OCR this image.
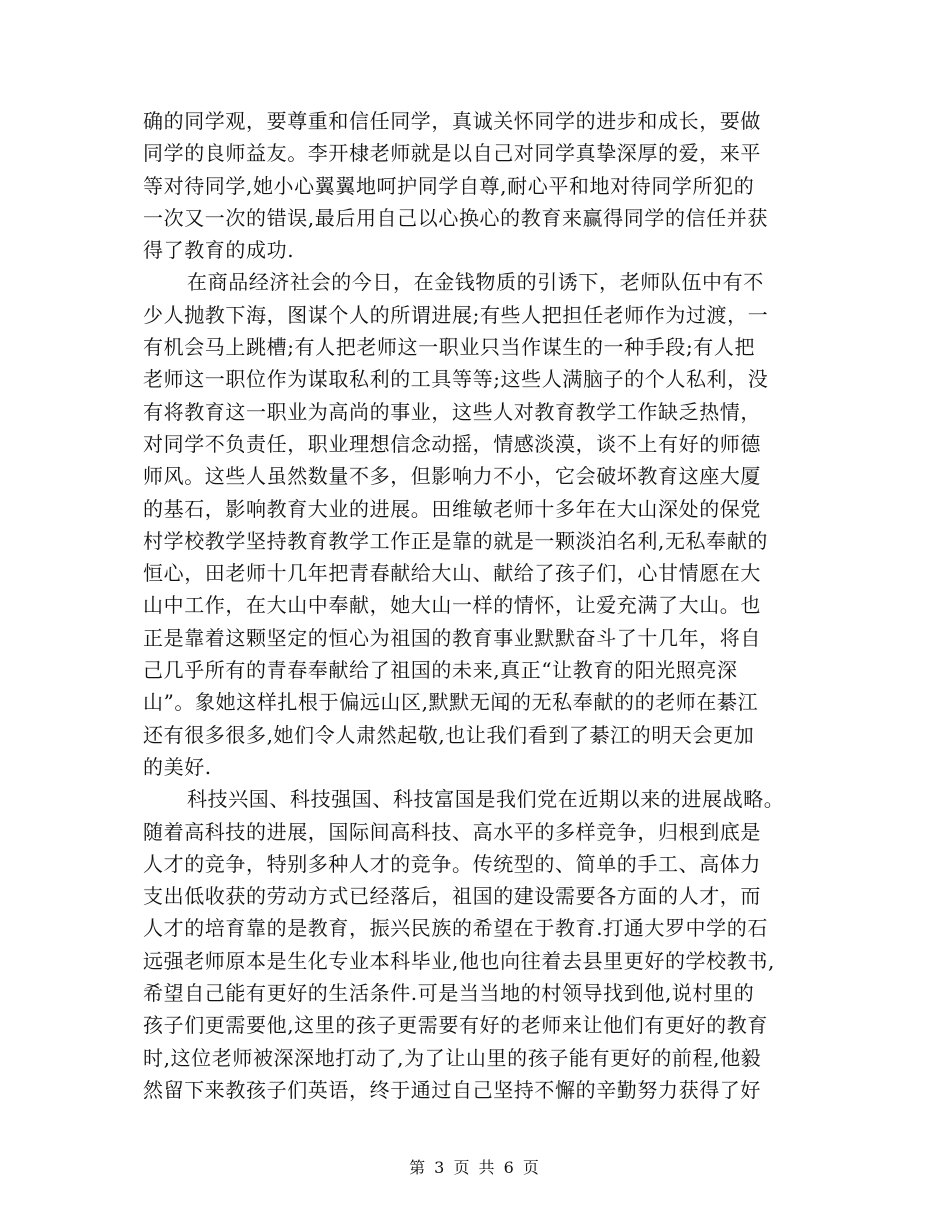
确的同学观，要尊重和信任同学，真诚关怀同学的进步和成长，要做
同学的良师益友。李开棣老师就是以自己对同学真挚深厚的爱，来平
等对待同学,她小心翼翼地呵护同学自尊,耐心平和地对待同学所犯的
一次又一次的错误,最后用自己以心换心的教育来赢得同学的信任并获
得了教育的成功.
在商品经济社会的今日，在金钱物质的引诱下，老师队伍中有不
少人抛教下海，图谋个人的所谓进展;有些人把担任老师作为过渡，一
有机会马上跳槽;有人把老师这一职业只当作谋生的一种手段;有人把
老师这一职位作为谋取私利的工具等等;这些人满脑子的个人私利，没
有将教育这一职业为高尚的事业，这些人对教育教学工作缺乏热情，
对同学不负责任，职业理想信念动摇，情感淡漠，谈不上有好的师德
师风。这些人虽然数量不多，但影响力不小，它会破坏教育这座大厦
的基石，影响教育大业的进展。田维敏老师十多年在大山深处的保党
村学校教学坚持教育教学工作正是靠的就是一颗淡泊名利,无私奉献的
恒心，田老师十几年把青春献给大山、献给了孩子们，心甘情愿在大
山中工作，在大山中奉献，她大山一样的情怀，让爱充满了大山。也
正是靠着这颗坚定的恒心为祖国的教育事业默默奋斗了十几年，将自
己几乎所有的青春奉献给了祖国的未来,真正“让教育的阳光照亮深
山”。象她这样扎根于偏远山区,默默无闻的无私奉献的的老师在綦江
还有很多很多,她们令人肃然起敬,也让我们看到了綦江的明天会更加
的美好.
科技兴国、科技强国、科技富国是我们党在近期以来的进展战略。
随着高科技的进展，国际间高科技、高水平的多样竞争，归根到底是
人才的竞争，特别多种人才的竞争。传统型的、简单的手工、高体力
支出低收获的劳动方式已经落后，祖国的建设需要各方面的人才，而
人才的培育靠的是教育，振兴民族的希望在于教育.打通大罗中学的石
远强老师原本是生化专业本科毕业,他也向往着去县里更好的学校教书,
希望自己能有更好的生活条件.可是当当地的村领导找到他,说村里的
孩子们更需要他,这里的孩子更需要有好的老师来让他们有更好的教育
时,这位老师被深深地打动了,为了让山里的孩子能有更好的前程,他毅
然留下来教孩子们英语，终于通过自己坚持不懈的辛勤努力获得了好
第 3 页 共 6 页
